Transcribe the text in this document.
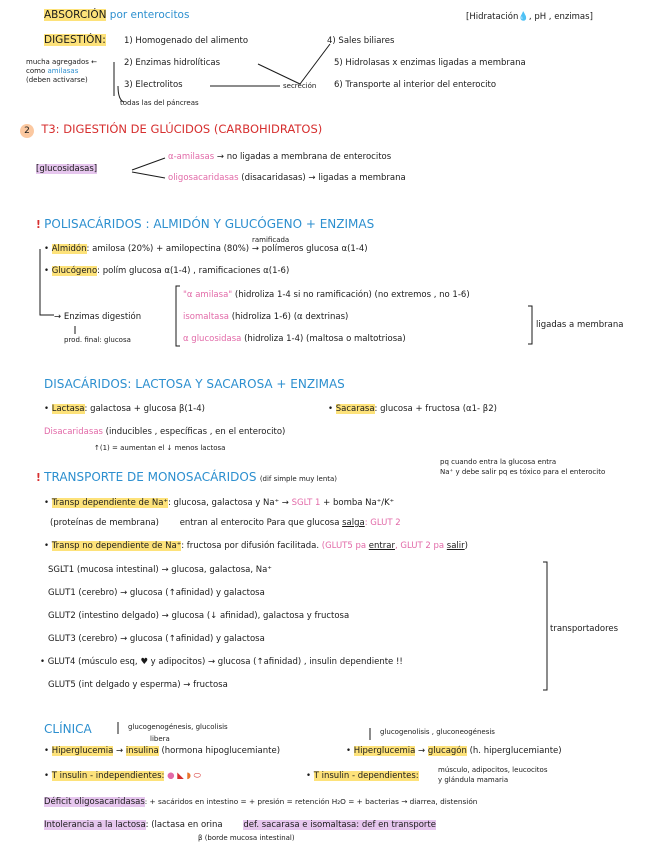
ABSORCIÓN por enterocitos	[Hidratación💧, pH , enzimas]
DIGESTIÓN: 1) Homogenado del alimento	4) Sales biliares
mucha agregados ←
como amilasas
(deben activarse)
2) Enzimas hidrolíticas	5) Hidrolasas x enzimas ligadas a membrana
3) Electrolitos	secreción 6) Transporte al interior del enterocito
todas las del páncreas
2 T3: DIGESTIÓN DE GLÚCIDOS (CARBOHIDRATOS)
[glucosidasas]
α-amilasas → no ligadas a membrana de enterocitos
oligosacaridasas (disacaridasas) → ligadas a membrana
! POLISACÁRIDOS : ALMIDÓN Y GLUCÓGENO + ENZIMAS
ramificada
• Almidón: amilosa (20%) + amilopectina (80%) → polímeros glucosa α(1-4)
• Glucógeno: polím glucosa α(1-4) , ramificaciones α(1-6)
→ Enzimas digestión
prod. final: glucosa
"α amilasa" (hidroliza 1-4 si no ramificación) (no extremos , no 1-6)
isomaltasa (hidroliza 1-6) (α dextrinas)
α glucosidasa (hidroliza 1-4) (maltosa o maltotriosa)
ligadas a membrana
DISACÁRIDOS: LACTOSA Y SACAROSA + ENZIMAS
• Lactasa: galactosa + glucosa β(1-4)	• Sacarasa: glucosa + fructosa (α1- β2)
Disacaridasas (inducibles , específicas , en el enterocito)
↑(1) = aumentan el ↓ menos lactosa
pq cuando entra la glucosa entra
Na⁺ y debe salir pq es tóxico para el enterocito
! TRANSPORTE DE MONOSACÁRIDOS (dif simple muy lenta)
• Transp dependiente de Na⁺: glucosa, galactosa y Na⁺ → SGLT 1 + bomba Na⁺/K⁺
(proteínas de membrana) entran al enterocito Para que glucosa salga: GLUT 2
• Transp no dependiente de Na⁺: fructosa por difusión facilitada. (GLUT5 pa entrar, GLUT 2 pa salir)
SGLT1 (mucosa intestinal) → glucosa, galactosa, Na⁺
GLUT1 (cerebro) → glucosa (↑afinidad) y galactosa
GLUT2 (intestino delgado) → glucosa (↓ afinidad), galactosa y fructosa
GLUT3 (cerebro) → glucosa (↑afinidad) y galactosa
• GLUT4 (músculo esq, ♥ y adipocitos) → glucosa (↑afinidad) , insulin dependiente !!
GLUT5 (int delgado y esperma) → fructosa
transportadores
glucogenogénesis, glucolisis
libera
glucogenolisis , gluconeogénesis
CLÍNICA
• Hiperglucemia → insulina (hormona hipoglucemiante)	• Hiperglucemia → glucagón (h. hiperglucemiante)
• T insulin - independientes: ● ◣ ◗ ⬭	• T insulin - dependientes:
músculo, adipocitos, leucocitos
y glándula mamaria
Déficit oligosacaridasas: + sacáridos en intestino = + presión = retención H₂O = + bacterias → diarrea, distensión
Intolerancia a la lactosa: (lactasa en orina def. sacarasa e isomaltasa: def en transporte
β (borde mucosa intestinal)
